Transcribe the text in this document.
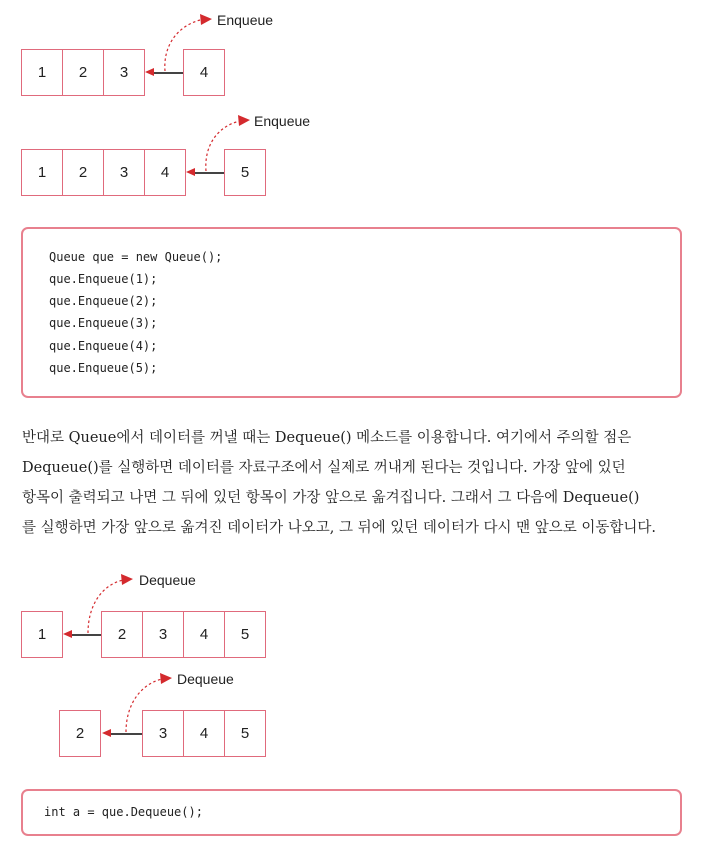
1	2	3	4
Enqueue
1	2	3	4	5
Enqueue
Queue que = new Queue();
que.Enqueue(1);
que.Enqueue(2);
que.Enqueue(3);
que.Enqueue(4);
que.Enqueue(5);
반대로 Queue에서 데이터를 꺼낼 때는 Dequeue() 메소드를 이용합니다. 여기에서 주의할 점은
Dequeue()를 실행하면 데이터를 자료구조에서 실제로 꺼내게 된다는 것입니다. 가장 앞에 있던
항목이 출력되고 나면 그 뒤에 있던 항목이 가장 앞으로 옮겨집니다. 그래서 그 다음에 Dequeue()
를 실행하면 가장 앞으로 옮겨진 데이터가 나오고, 그 뒤에 있던 데이터가 다시 맨 앞으로 이동합니다.
1	2	3	4	5
Dequeue
2	3	4	5
Dequeue
int a = que.Dequeue();
